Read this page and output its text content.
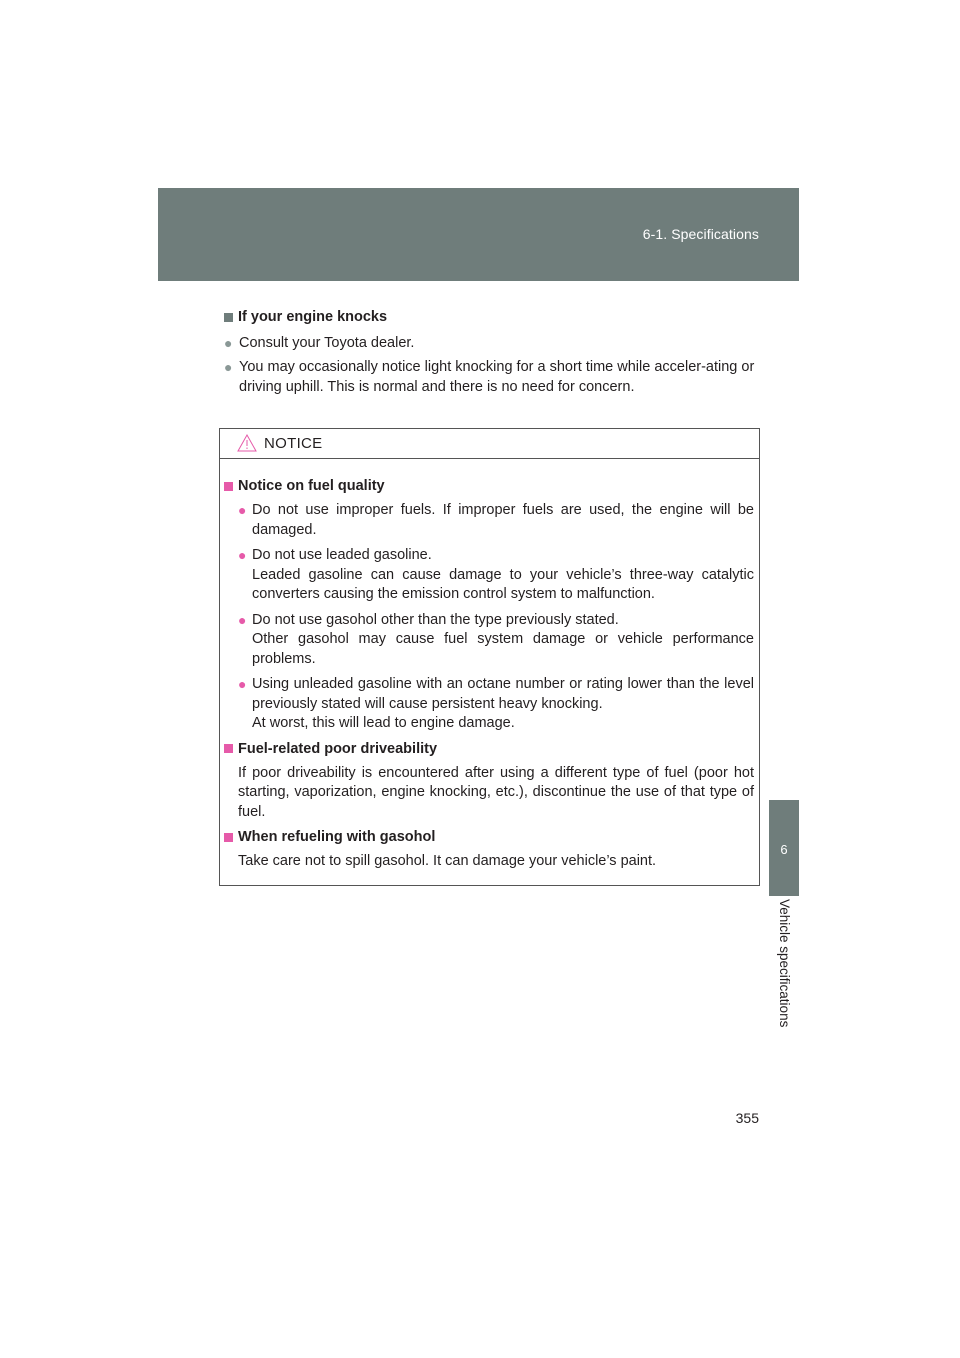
6-1. Specifications
6
Vehicle specifications
If your engine knocks
● Consult your Toyota dealer.
● You may occasionally notice light knocking for a short time while acceler-ating or driving uphill. This is normal and there is no need for concern.
NOTICE
Notice on fuel quality
● Do not use improper fuels. If improper fuels are used, the engine will be damaged.
● Do not use leaded gasoline.
Leaded gasoline can cause damage to your vehicle’s three-way catalytic converters causing the emission control system to malfunction.
● Do not use gasohol other than the type previously stated.
Other gasohol may cause fuel system damage or vehicle performance problems.
● Using unleaded gasoline with an octane number or rating lower than the level previously stated will cause persistent heavy knocking.
At worst, this will lead to engine damage.
Fuel-related poor driveability
If poor driveability is encountered after using a different type of fuel (poor hot starting, vaporization, engine knocking, etc.), discontinue the use of that type of fuel.
When refueling with gasohol
Take care not to spill gasohol. It can damage your vehicle’s paint.
355
